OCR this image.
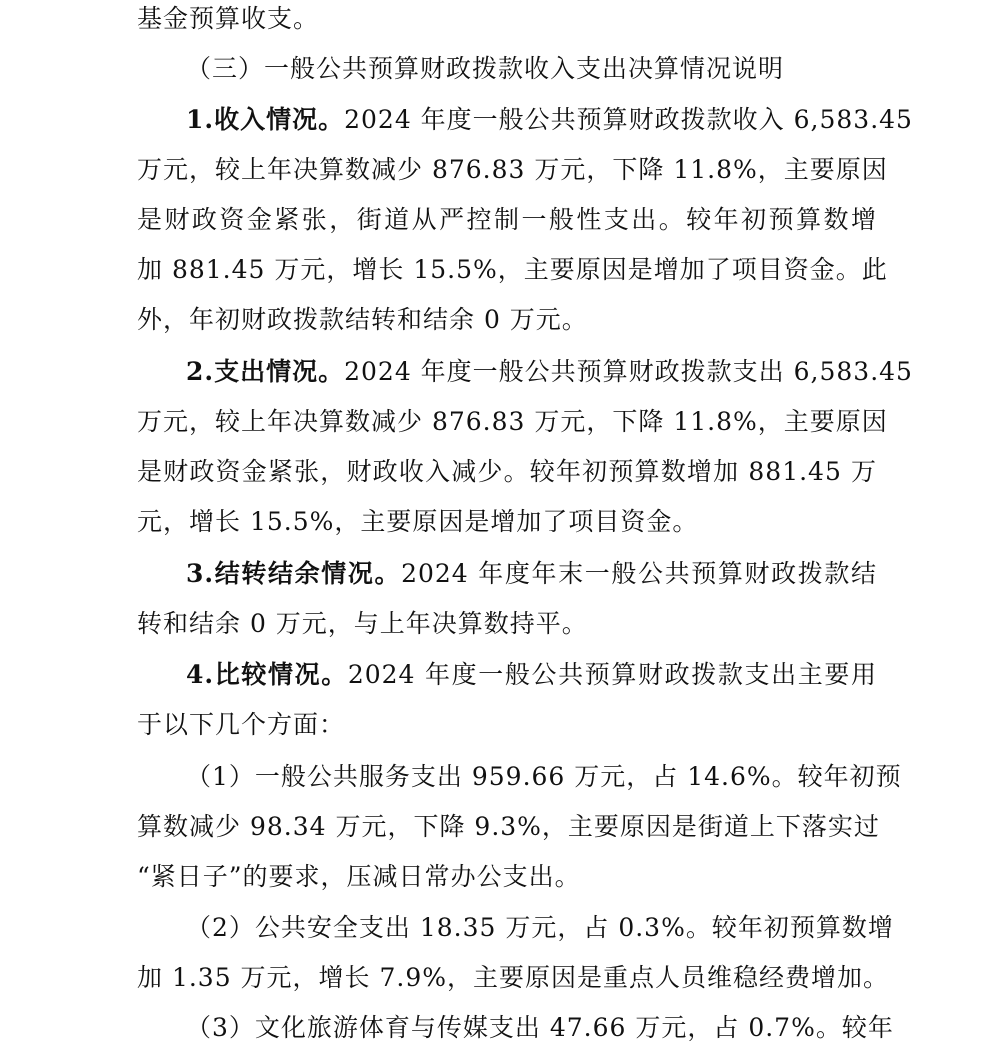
基金预算收支。
（三）一般公共预算财政拨款收入支出决算情况说明
1.收入情况。2024 年度一般公共预算财政拨款收入 6,583.45
万元，较上年决算数减少 876.83 万元，下降 11.8%，主要原因
是财政资金紧张，街道从严控制一般性支出。较年初预算数增
加 881.45 万元，增长 15.5%，主要原因是增加了项目资金。此
外，年初财政拨款结转和结余 0 万元。
2.支出情况。2024 年度一般公共预算财政拨款支出 6,583.45
万元，较上年决算数减少 876.83 万元，下降 11.8%，主要原因
是财政资金紧张，财政收入减少。较年初预算数增加 881.45 万
元，增长 15.5%，主要原因是增加了项目资金。
3.结转结余情况。2024 年度年末一般公共预算财政拨款结
转和结余 0 万元，与上年决算数持平。
4.比较情况。2024 年度一般公共预算财政拨款支出主要用
于以下几个方面：
（1）一般公共服务支出 959.66 万元，占 14.6%。较年初预
算数减少 98.34 万元，下降 9.3%，主要原因是街道上下落实过
“紧日子”的要求，压减日常办公支出。
（2）公共安全支出 18.35 万元，占 0.3%。较年初预算数增
加 1.35 万元，增长 7.9%，主要原因是重点人员维稳经费增加。
（3）文化旅游体育与传媒支出 47.66 万元，占 0.7%。较年
